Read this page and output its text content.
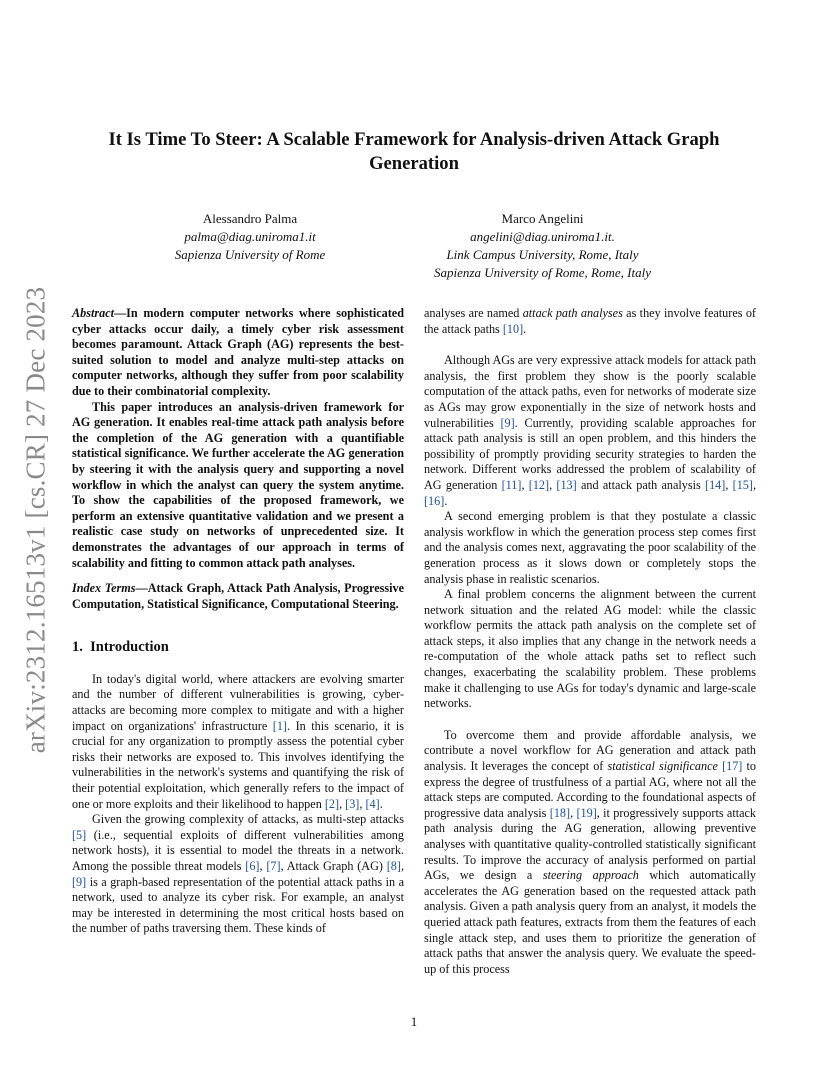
arXiv:2312.16513v1 [cs.CR] 27 Dec 2023
It Is Time To Steer: A Scalable Framework for Analysis-driven Attack Graph Generation
Alessandro Palma
palma@diag.uniroma1.it
Sapienza University of Rome
Marco Angelini
angelini@diag.uniroma1.it.
Link Campus University, Rome, Italy
Sapienza University of Rome, Rome, Italy

Abstract—In modern computer networks where sophisticated cyber attacks occur daily, a timely cyber risk assessment becomes paramount. Attack Graph (AG) represents the best-suited solution to model and analyze multi-step attacks on computer networks, although they suffer from poor scalability due to their combinatorial complexity.

This paper introduces an analysis-driven framework for AG generation. It enables real-time attack path analysis before the completion of the AG generation with a quantifiable statistical significance. We further accelerate the AG generation by steering it with the analysis query and supporting a novel workflow in which the analyst can query the system anytime. To show the capabilities of the proposed framework, we perform an extensive quantitative validation and we present a realistic case study on networks of unprecedented size. It demonstrates the advantages of our approach in terms of scalability and fitting to common attack path analyses.

Index Terms—Attack Graph, Attack Path Analysis, Progressive Computation, Statistical Significance, Computational Steering.

1. Introduction

In today's digital world, where attackers are evolving smarter and the number of different vulnerabilities is growing, cyber-attacks are becoming more complex to mitigate and with a higher impact on organizations' infrastructure [1]. In this scenario, it is crucial for any organization to promptly assess the potential cyber risks their networks are exposed to. This involves identifying the vulnerabilities in the network's systems and quantifying the risk of their potential exploitation, which generally refers to the impact of one or more exploits and their likelihood to happen [2], [3], [4].

Given the growing complexity of attacks, as multi-step attacks [5] (i.e., sequential exploits of different vulnerabilities among network hosts), it is essential to model the threats in a network. Among the possible threat models [6], [7], Attack Graph (AG) [8], [9] is a graph-based representation of the potential attack paths in a network, used to analyze its cyber risk. For example, an analyst may be interested in determining the most critical hosts based on the number of paths traversing them. These kinds of

analyses are named attack path analyses as they involve features of the attack paths [10].

Although AGs are very expressive attack models for attack path analysis, the first problem they show is the poorly scalable computation of the attack paths, even for networks of moderate size as AGs may grow exponentially in the size of network hosts and vulnerabilities [9]. Currently, providing scalable approaches for attack path analysis is still an open problem, and this hinders the possibility of promptly providing security strategies to harden the network. Different works addressed the problem of scalability of AG generation [11], [12], [13] and attack path analysis [14], [15], [16].

A second emerging problem is that they postulate a classic analysis workflow in which the generation process step comes first and the analysis comes next, aggravating the poor scalability of the generation process as it slows down or completely stops the analysis phase in realistic scenarios.

A final problem concerns the alignment between the current network situation and the related AG model: while the classic workflow permits the attack path analysis on the complete set of attack steps, it also implies that any change in the network needs a re-computation of the whole attack paths set to reflect such changes, exacerbating the scalability problem. These problems make it challenging to use AGs for today's dynamic and large-scale networks.

To overcome them and provide affordable analysis, we contribute a novel workflow for AG generation and attack path analysis. It leverages the concept of statistical significance [17] to express the degree of trustfulness of a partial AG, where not all the attack steps are computed. According to the foundational aspects of progressive data analysis [18], [19], it progressively supports attack path analysis during the AG generation, allowing preventive analyses with quantitative quality-controlled statistically significant results. To improve the accuracy of analysis performed on partial AGs, we design a steering approach which automatically accelerates the AG generation based on the requested attack path analysis. Given a path analysis query from an analyst, it models the queried attack path features, extracts from them the features of each single attack step, and uses them to prioritize the generation of attack paths that answer the analysis query. We evaluate the speed-up of this process

1
